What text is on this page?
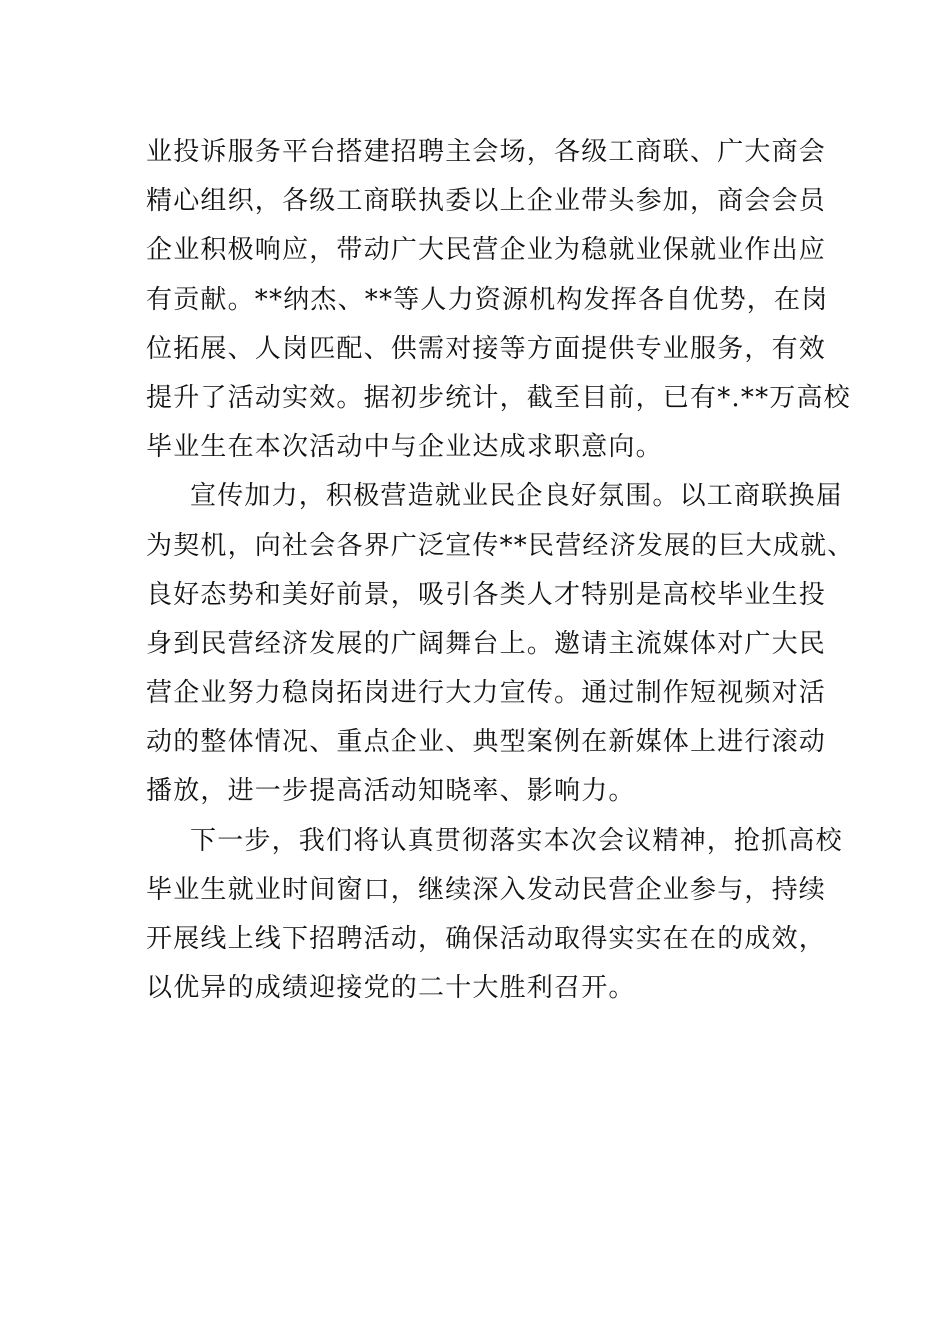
业投诉服务平台搭建招聘主会场，各级工商联、广大商会
精心组织，各级工商联执委以上企业带头参加，商会会员
企业积极响应，带动广大民营企业为稳就业保就业作出应
有贡献。**纳杰、**等人力资源机构发挥各自优势，在岗
位拓展、人岗匹配、供需对接等方面提供专业服务，有效
提升了活动实效。据初步统计，截至目前，已有*.**万高校
毕业生在本次活动中与企业达成求职意向。
宣传加力，积极营造就业民企良好氛围。以工商联换届
为契机，向社会各界广泛宣传**民营经济发展的巨大成就、
良好态势和美好前景，吸引各类人才特别是高校毕业生投
身到民营经济发展的广阔舞台上。邀请主流媒体对广大民
营企业努力稳岗拓岗进行大力宣传。通过制作短视频对活
动的整体情况、重点企业、典型案例在新媒体上进行滚动
播放，进一步提高活动知晓率、影响力。
下一步，我们将认真贯彻落实本次会议精神，抢抓高校
毕业生就业时间窗口，继续深入发动民营企业参与，持续
开展线上线下招聘活动，确保活动取得实实在在的成效，
以优异的成绩迎接党的二十大胜利召开。
